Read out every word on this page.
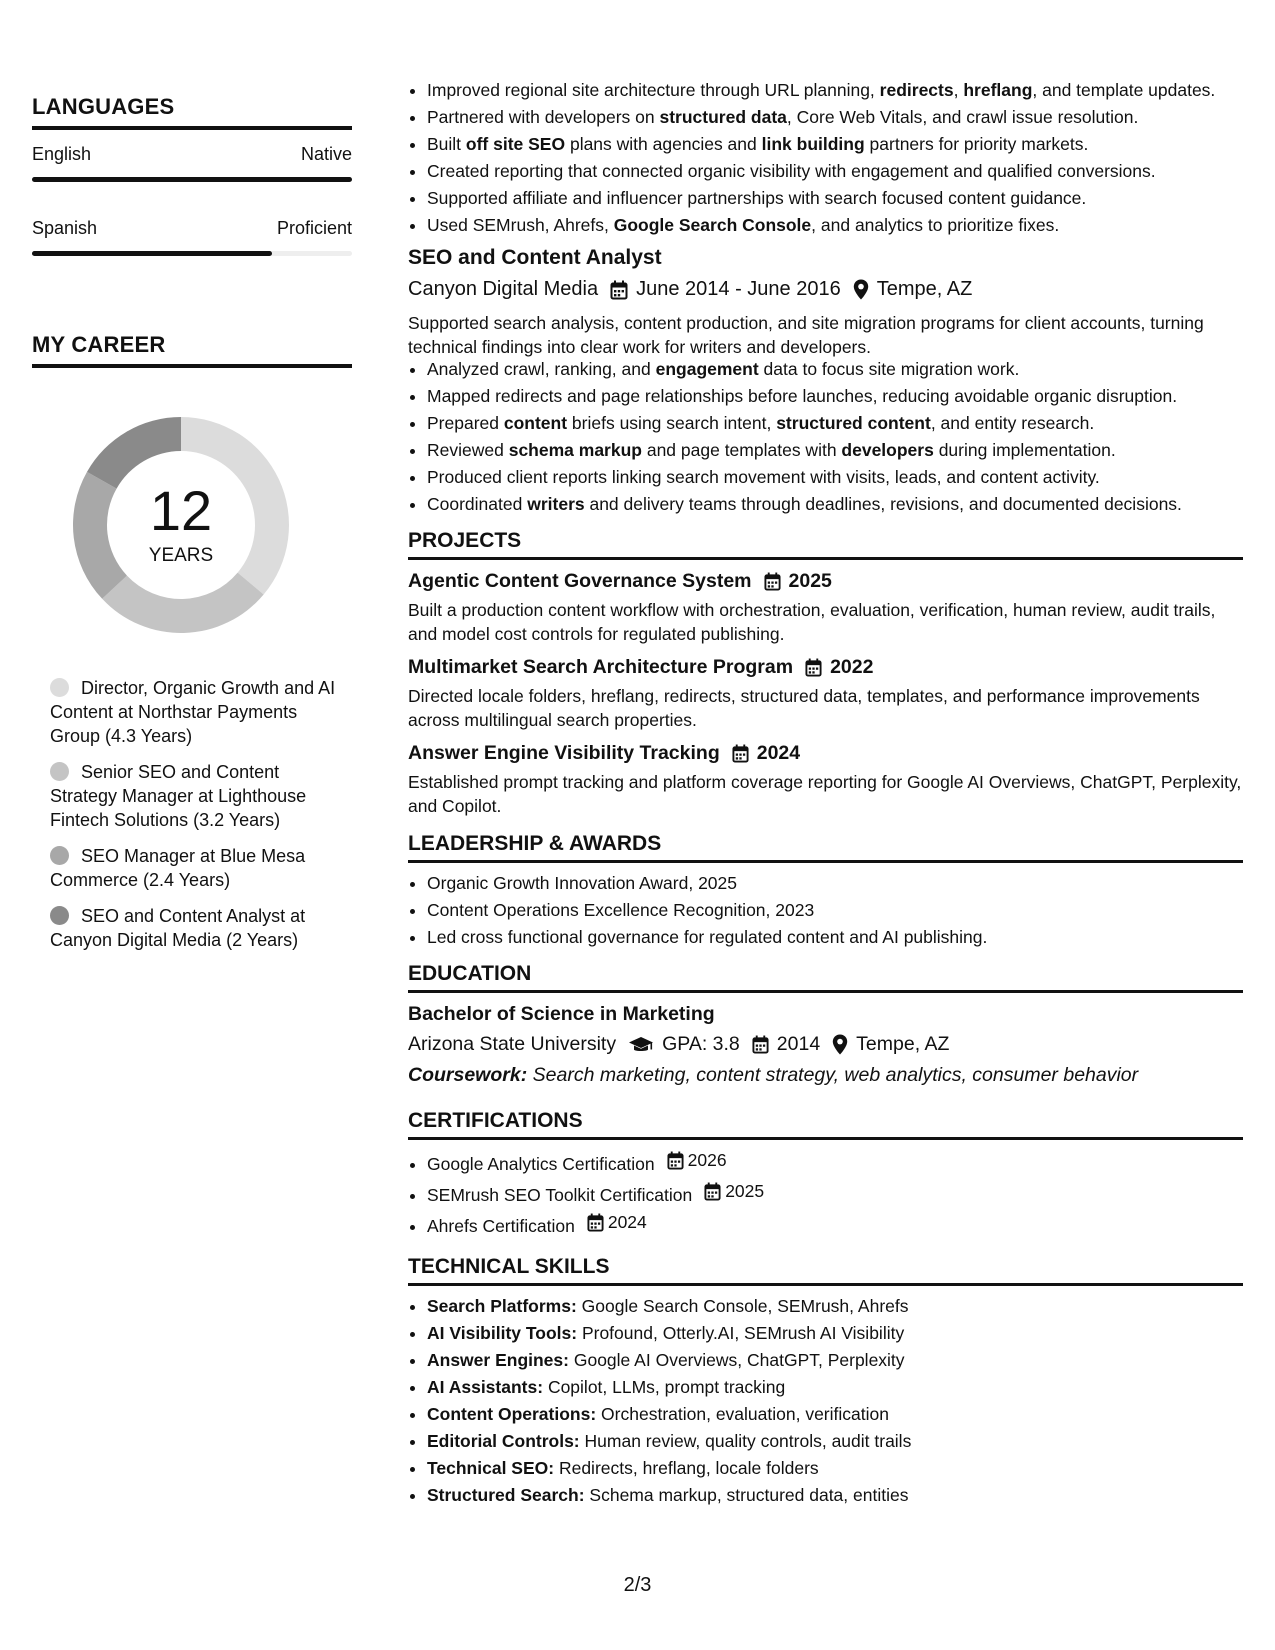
LANGUAGES
English	Native
Spanish	Proficient
MY CAREER
12
YEARS
Director, Organic Growth and AI Content at Northstar Payments Group (4.3 Years)
Senior SEO and Content Strategy Manager at Lighthouse Fintech Solutions (3.2 Years)
SEO Manager at Blue Mesa Commerce (2.4 Years)
SEO and Content Analyst at Canyon Digital Media (2 Years)
• Improved regional site architecture through URL planning, redirects, hreflang, and template updates.
• Partnered with developers on structured data, Core Web Vitals, and crawl issue resolution.
• Built off site SEO plans with agencies and link building partners for priority markets.
• Created reporting that connected organic visibility with engagement and qualified conversions.
• Supported affiliate and influencer partnerships with search focused content guidance.
• Used SEMrush, Ahrefs, Google Search Console, and analytics to prioritize fixes.
SEO and Content Analyst
Canyon Digital Media June 2014 - June 2016 Tempe, AZ
Supported search analysis, content production, and site migration programs for client accounts, turning technical findings into clear work for writers and developers.
• Analyzed crawl, ranking, and engagement data to focus site migration work.
• Mapped redirects and page relationships before launches, reducing avoidable organic disruption.
• Prepared content briefs using search intent, structured content, and entity research.
• Reviewed schema markup and page templates with developers during implementation.
• Produced client reports linking search movement with visits, leads, and content activity.
• Coordinated writers and delivery teams through deadlines, revisions, and documented decisions.
PROJECTS
Agentic Content Governance System 2025
Built a production content workflow with orchestration, evaluation, verification, human review, audit trails, and model cost controls for regulated publishing.
Multimarket Search Architecture Program 2022
Directed locale folders, hreflang, redirects, structured data, templates, and performance improvements across multilingual search properties.
Answer Engine Visibility Tracking 2024
Established prompt tracking and platform coverage reporting for Google AI Overviews, ChatGPT, Perplexity, and Copilot.
LEADERSHIP & AWARDS
• Organic Growth Innovation Award, 2025
• Content Operations Excellence Recognition, 2023
• Led cross functional governance for regulated content and AI publishing.
EDUCATION
Bachelor of Science in Marketing
Arizona State University GPA: 3.8 2014 Tempe, AZ
Coursework: Search marketing, content strategy, web analytics, consumer behavior
CERTIFICATIONS
• Google Analytics Certification 2026
• SEMrush SEO Toolkit Certification 2025
• Ahrefs Certification 2024
TECHNICAL SKILLS
• Search Platforms: Google Search Console, SEMrush, Ahrefs
• AI Visibility Tools: Profound, Otterly.AI, SEMrush AI Visibility
• Answer Engines: Google AI Overviews, ChatGPT, Perplexity
• AI Assistants: Copilot, LLMs, prompt tracking
• Content Operations: Orchestration, evaluation, verification
• Editorial Controls: Human review, quality controls, audit trails
• Technical SEO: Redirects, hreflang, locale folders
• Structured Search: Schema markup, structured data, entities
2/3
